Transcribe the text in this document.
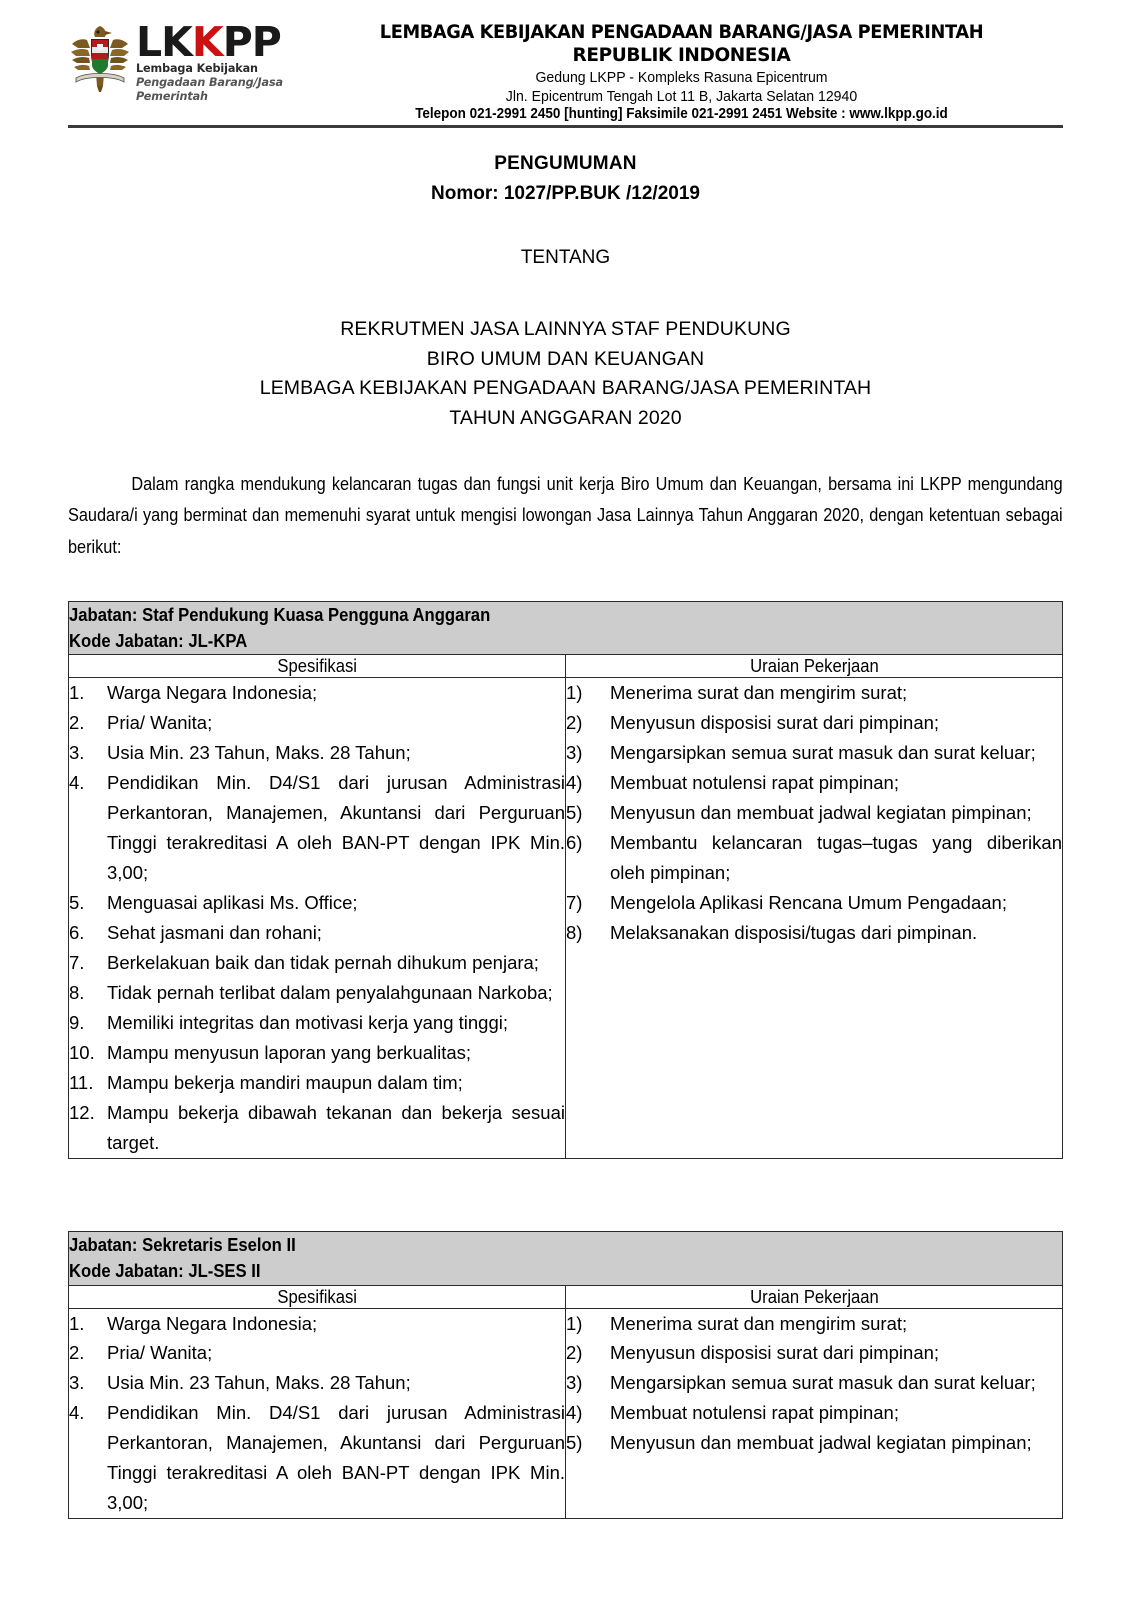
LKKPP
Lembaga Kebijakan
Pengadaan Barang/Jasa Pemerintah
LEMBAGA KEBIJAKAN PENGADAAN BARANG/JASA PEMERINTAH
REPUBLIK INDONESIA
Gedung LKPP - Kompleks Rasuna Epicentrum
Jln. Epicentrum Tengah Lot 11 B, Jakarta Selatan 12940
Telepon 021-2991 2450 [hunting] Faksimile 021-2991 2451 Website : www.lkpp.go.id
PENGUMUMAN
Nomor: 1027/PP.BUK /12/2019
TENTANG
REKRUTMEN JASA LAINNYA STAF PENDUKUNG
BIRO UMUM DAN KEUANGAN
LEMBAGA KEBIJAKAN PENGADAAN BARANG/JASA PEMERINTAH
TAHUN ANGGARAN 2020
Dalam rangka mendukung kelancaran tugas dan fungsi unit kerja Biro Umum dan Keuangan, bersama ini LKPP mengundang Saudara/i yang berminat dan memenuhi syarat untuk mengisi lowongan Jasa Lainnya Tahun Anggaran 2020, dengan ketentuan sebagai berikut:
Jabatan: Staf Pendukung Kuasa Pengguna Anggaran
Kode Jabatan: JL-KPA	

Spesifikasi	Uraian Pekerjaan

1.	Warga Negara Indonesia;
2.	Pria/ Wanita;
3.	Usia Min. 23 Tahun, Maks. 28 Tahun;
4.	Pendidikan Min. D4/S1 dari jurusan Administrasi Perkantoran, Manajemen, Akuntansi dari Perguruan Tinggi terakreditasi A oleh BAN-PT dengan IPK Min. 3,00;
5.	Menguasai aplikasi Ms. Office;
6.	Sehat jasmani dan rohani;
7.	Berkelakuan baik dan tidak pernah dihukum penjara;
8.	Tidak pernah terlibat dalam penyalahgunaan Narkoba;
9.	Memiliki integritas dan motivasi kerja yang tinggi;
10. Mampu menyusun laporan yang berkualitas;
11. Mampu bekerja mandiri maupun dalam tim;
12. Mampu bekerja dibawah tekanan dan bekerja sesuai target.

1)	Menerima surat dan mengirim surat;
2)	Menyusun disposisi surat dari pimpinan;
3)	Mengarsipkan semua surat masuk dan surat keluar;
4)	Membuat notulensi rapat pimpinan;
5)	Menyusun dan membuat jadwal kegiatan pimpinan;
6)	Membantu kelancaran tugas–tugas yang diberikan oleh pimpinan;
7)	Mengelola Aplikasi Rencana Umum Pengadaan;
8)	Melaksanakan disposisi/tugas dari pimpinan.
Jabatan: Sekretaris Eselon II
Kode Jabatan: JL-SES II	

Spesifikasi	Uraian Pekerjaan

1.	Warga Negara Indonesia;
2.	Pria/ Wanita;
3.	Usia Min. 23 Tahun, Maks. 28 Tahun;
4.	Pendidikan Min. D4/S1 dari jurusan Administrasi Perkantoran, Manajemen, Akuntansi dari Perguruan Tinggi terakreditasi A oleh BAN-PT dengan IPK Min. 3,00;

1)	Menerima surat dan mengirim surat;
2)	Menyusun disposisi surat dari pimpinan;
3)	Mengarsipkan semua surat masuk dan surat keluar;
4)	Membuat notulensi rapat pimpinan;
5)	Menyusun dan membuat jadwal kegiatan pimpinan;
